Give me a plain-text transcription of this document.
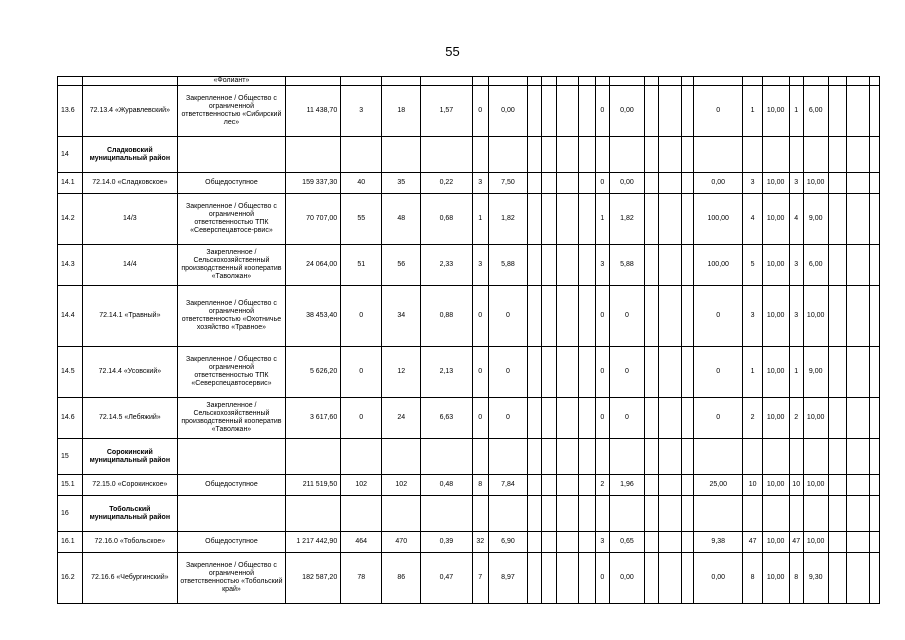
55
		«Фолиант»																							
13.6	72.13.4 «Журавлевский»	Закрепленное / Общество с ограниченной ответственностью «Сибирский лес»	11 438,70	3	18	1,57	0	0,00					0	0,00				0	1	10,00	1	6,00			
14	Сладковский муниципальный район																								
14.1	72.14.0 «Сладковское»	Общедоступное	159 337,30	40	35	0,22	3	7,50					0	0,00				0,00	3	10,00	3	10,00			
14.2	14/3	Закрепленное / Общество с ограниченной ответственностью ТПК «Северспецавтосе-рвис»	70 707,00	55	48	0,68	1	1,82					1	1,82				100,00	4	10,00	4	9,00			
14.3	14/4	Закрепленное / Сельскохозяйственный производственный кооператив «Таволжан»	24 064,00	51	56	2,33	3	5,88					3	5,88				100,00	5	10,00	3	6,00			
14.4	72.14.1 «Травный»	Закрепленное / Общество с ограниченной ответственностью «Охотничье хозяйство «Травное»	38 453,40	0	34	0,88	0	0					0	0				0	3	10,00	3	10,00			
14.5	72.14.4 «Усовский»	Закрепленное / Общество с ограниченной ответственностью ТПК «Северспецавтосервис»	5 626,20	0	12	2,13	0	0					0	0				0	1	10,00	1	9,00			
14.6	72.14.5 «Лебяжий»	Закрепленное / Сельскохозяйственный производственный кооператив «Таволжан»	3 617,60	0	24	6,63	0	0					0	0				0	2	10,00	2	10,00			
15	Сорокинский муниципальный район																								
15.1	72.15.0 «Сорокинское»	Общедоступное	211 519,50	102	102	0,48	8	7,84					2	1,96				25,00	10	10,00	10	10,00			
16	Тобольский муниципальный район																								
16.1	72.16.0 «Тобольское»	Общедоступное	1 217 442,90	464	470	0,39	32	6,90					3	0,65				9,38	47	10,00	47	10,00			
16.2	72.16.6 «Чебургинский»	Закрепленное / Общество с ограниченной ответственностью «Тобольский край»	182 587,20	78	86	0,47	7	8,97					0	0,00				0,00	8	10,00	8	9,30			
